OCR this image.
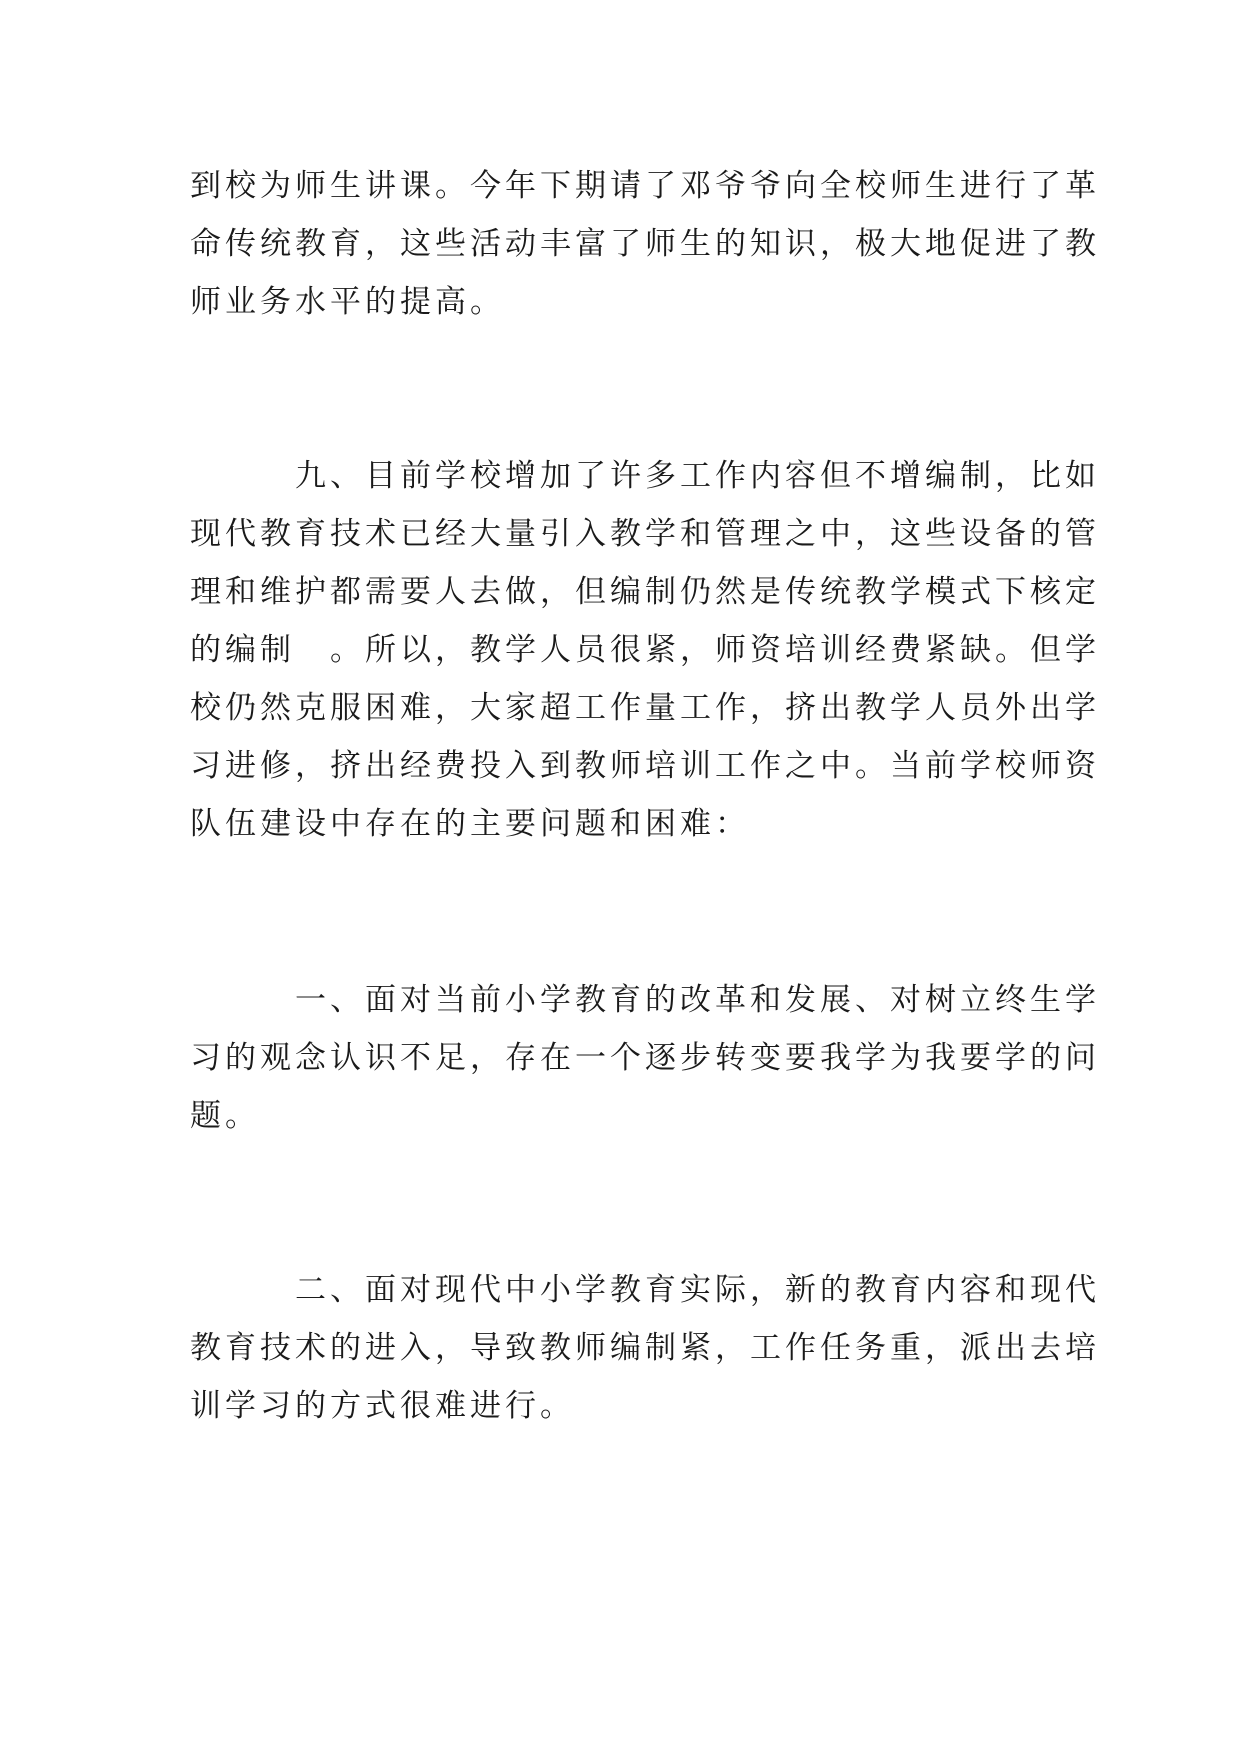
到校为师生讲课。今年下期请了邓爷爷向全校师生进行了革
命传统教育，这些活动丰富了师生的知识，极大地促进了教
师业务水平的提高。
　　　九、目前学校增加了许多工作内容但不增编制，比如
现代教育技术已经大量引入教学和管理之中，这些设备的管
理和维护都需要人去做，但编制仍然是传统教学模式下核定
的编制　。所以，教学人员很紧，师资培训经费紧缺。但学
校仍然克服困难，大家超工作量工作，挤出教学人员外出学
习进修，挤出经费投入到教师培训工作之中。当前学校师资
队伍建设中存在的主要问题和困难：
　　　一、面对当前小学教育的改革和发展、对树立终生学
习的观念认识不足，存在一个逐步转变要我学为我要学的问
题。
　　　二、面对现代中小学教育实际，新的教育内容和现代
教育技术的进入，导致教师编制紧，工作任务重，派出去培
训学习的方式很难进行。
